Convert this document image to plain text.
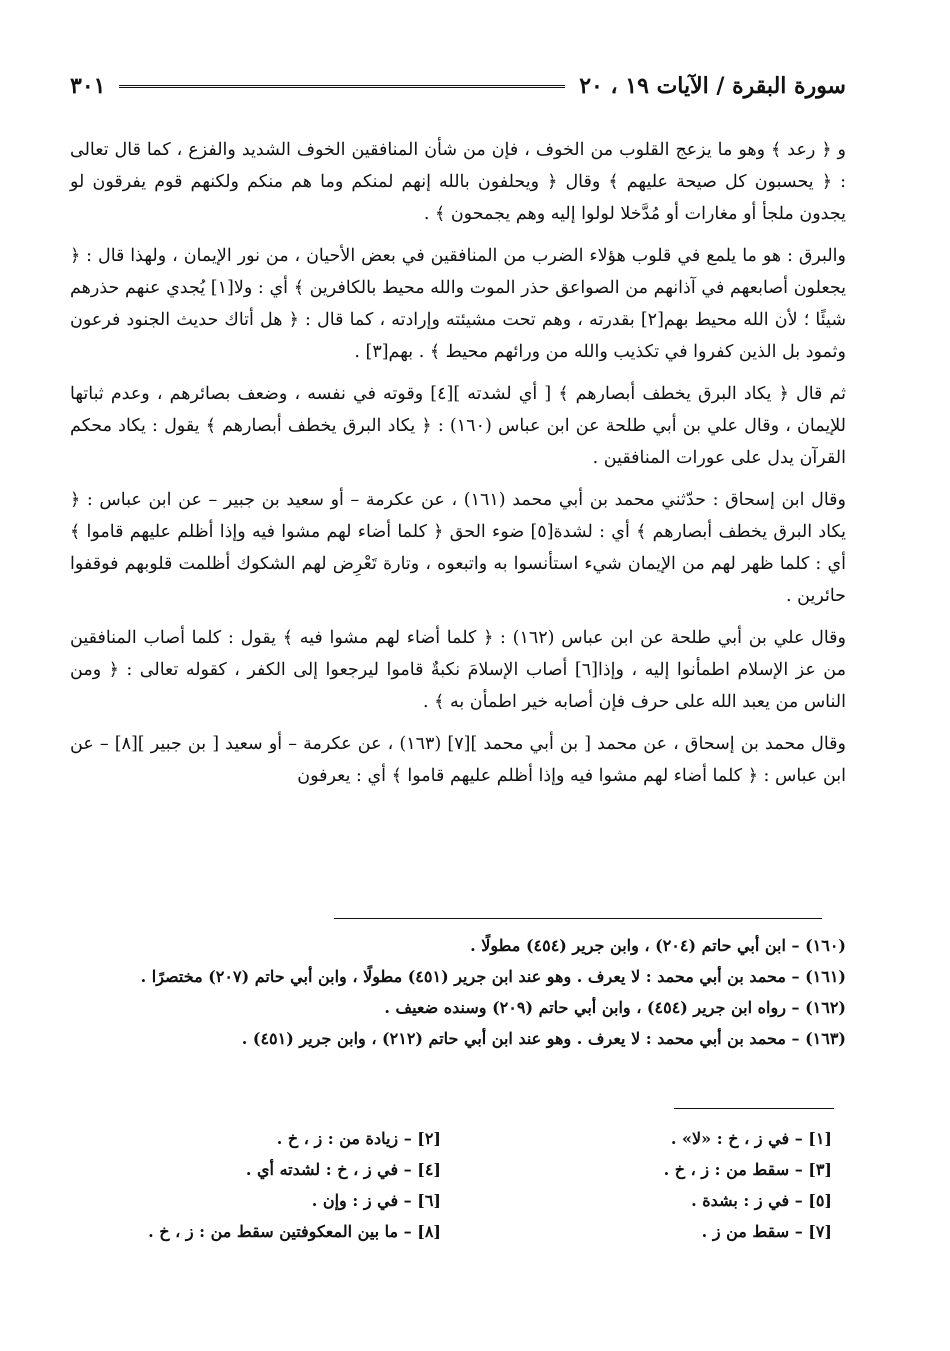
سورة البقرة / الآيات ١٩ ، ٢٠
٣٠١

و ﴿ رعد ﴾ وهو ما يزعج القلوب من الخوف ، فإن من شأن المنافقين الخوف الشديد والفزع ، كما قال تعالى : ﴿ يحسبون كل صيحة عليهم ﴾ وقال ﴿ ويحلفون بالله إنهم لمنكم وما هم منكم ولكنهم قوم يفرقون لو يجدون ملجأ أو مغارات أو مُدَّخلا لولوا إليه وهم يجمحون ﴾ .

والبرق : هو ما يلمع في قلوب هؤلاء الضرب من المنافقين في بعض الأحيان ، من نور الإيمان ، ولهذا قال : ﴿ يجعلون أصابعهم في آذانهم من الصواعق حذر الموت والله محيط بالكافرين ﴾ أي : ولا[١] يُجدي عنهم حذرهم شيئًا ؛ لأن الله محيط بهم[٢] بقدرته ، وهم تحت مشيئته وإرادته ، كما قال : ﴿ هل أتاك حديث الجنود فرعون وثمود بل الذين كفروا في تكذيب والله من ورائهم محيط ﴾ . بهم[٣] .

ثم قال ﴿ يكاد البرق يخطف أبصارهم ﴾ [ أي لشدته ][٤] وقوته في نفسه ، وضعف بصائرهم ، وعدم ثباتها للإيمان ، وقال علي بن أبي طلحة عن ابن عباس (١٦٠) : ﴿ يكاد البرق يخطف أبصارهم ﴾ يقول : يكاد محكم القرآن يدل على عورات المنافقين .

وقال ابن إسحاق : حدّثني محمد بن أبي محمد (١٦١) ، عن عكرمة – أو سعيد بن جبير – عن ابن عباس : ﴿ يكاد البرق يخطف أبصارهم ﴾ أي : لشدة[٥] ضوء الحق ﴿ كلما أضاء لهم مشوا فيه وإذا أظلم عليهم قاموا ﴾ أي : كلما ظهر لهم من الإيمان شيء استأنسوا به واتبعوه ، وتارة تَعْرِض لهم الشكوك أظلمت قلوبهم فوقفوا حائرين .

وقال علي بن أبي طلحة عن ابن عباس (١٦٢) : ﴿ كلما أضاء لهم مشوا فيه ﴾ يقول : كلما أصاب المنافقين من عز الإسلام اطمأنوا إليه ، وإذا[٦] أصاب الإسلامَ نكبةٌ قاموا ليرجعوا إلى الكفر ، كقوله تعالى : ﴿ ومن الناس من يعبد الله على حرف فإن أصابه خير اطمأن به ﴾ .

وقال محمد بن إسحاق ، عن محمد [ بن أبي محمد ][٧] (١٦٣) ، عن عكرمة – أو سعيد [ بن جبير ][٨] – عن ابن عباس : ﴿ كلما أضاء لهم مشوا فيه وإذا أظلم عليهم قاموا ﴾ أي : يعرفون

(١٦٠) – ابن أبي حاتم (٢٠٤) ، وابن جرير (٤٥٤) مطولًا .
(١٦١) – محمد بن أبي محمد : لا يعرف . وهو عند ابن جرير (٤٥١) مطولًا ، وابن أبي حاتم (٢٠٧) مختصرًا .
(١٦٢) – رواه ابن جرير (٤٥٤) ، وابن أبي حاتم (٢٠٩) وسنده ضعيف .
(١٦٣) – محمد بن أبي محمد : لا يعرف . وهو عند ابن أبي حاتم (٢١٢) ، وابن جرير (٤٥١) .
[١] – في ز ، خ : «لا» .
[٢] – زيادة من : ز ، خ .
[٣] – سقط من : ز ، خ .
[٤] – في ز ، خ : لشدته أي .
[٥] – في ز : بشدة .
[٦] – في ز : وإن .
[٧] – سقط من ز .
[٨] – ما بين المعكوفتين سقط من : ز ، خ .
